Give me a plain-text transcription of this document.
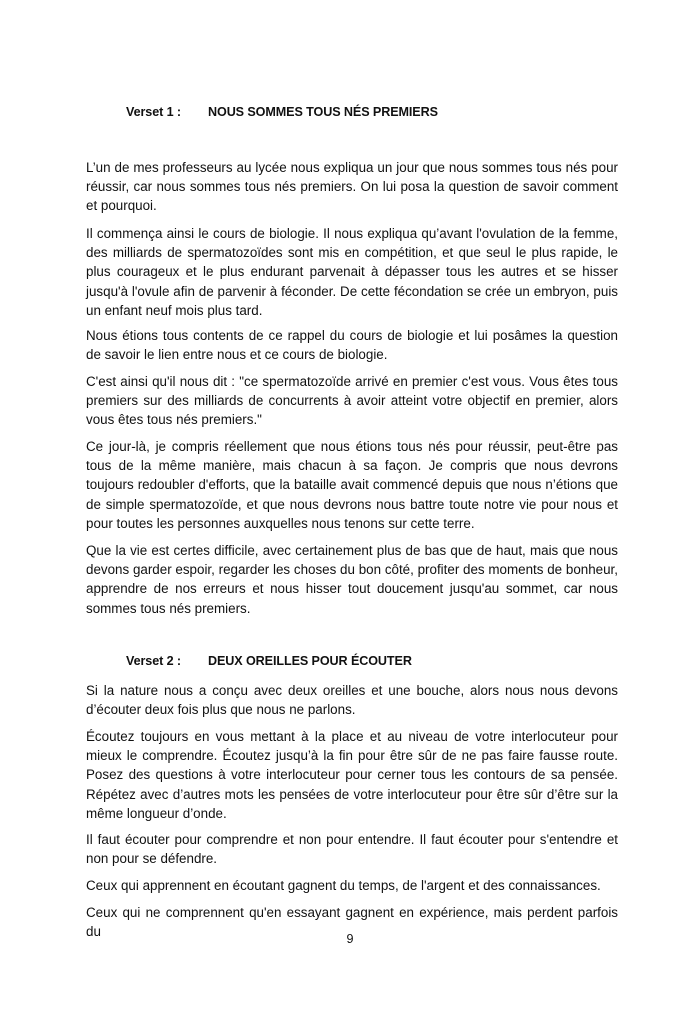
Verset 1 : NOUS SOMMES TOUS NÉS PREMIERS

L’un de mes professeurs au lycée nous expliqua un jour que nous sommes tous nés pour réussir, car nous sommes tous nés premiers. On lui posa la question de savoir comment et pourquoi.

Il commença ainsi le cours de biologie. Il nous expliqua qu’avant l'ovulation de la femme, des milliards de spermatozoïdes sont mis en compétition, et que seul le plus rapide, le plus courageux et le plus endurant parvenait à dépasser tous les autres et se hisser jusqu'à l'ovule afin de parvenir à féconder. De cette fécondation se crée un embryon, puis un enfant neuf mois plus tard.

Nous étions tous contents de ce rappel du cours de biologie et lui posâmes la question de savoir le lien entre nous et ce cours de biologie.

C'est ainsi qu'il nous dit : "ce spermatozoïde arrivé en premier c'est vous. Vous êtes tous premiers sur des milliards de concurrents à avoir atteint votre objectif en premier, alors vous êtes tous nés premiers."

Ce jour-là, je compris réellement que nous étions tous nés pour réussir, peut-être pas tous de la même manière, mais chacun à sa façon. Je compris que nous devrons toujours redoubler d'efforts, que la bataille avait commencé depuis que nous n’étions que de simple spermatozoïde, et que nous devrons nous battre toute notre vie pour nous et pour toutes les personnes auxquelles nous tenons sur cette terre.

Que la vie est certes difficile, avec certainement plus de bas que de haut, mais que nous devons garder espoir, regarder les choses du bon côté, profiter des moments de bonheur, apprendre de nos erreurs et nous hisser tout doucement jusqu'au sommet, car nous sommes tous nés premiers.

Verset 2 : DEUX OREILLES POUR ÉCOUTER

Si la nature nous a conçu avec deux oreilles et une bouche, alors nous nous devons d’écouter deux fois plus que nous ne parlons.

Écoutez toujours en vous mettant à la place et au niveau de votre interlocuteur pour mieux le comprendre. Écoutez jusqu’à la fin pour être sûr de ne pas faire fausse route. Posez des questions à votre interlocuteur pour cerner tous les contours de sa pensée. Répétez avec d’autres mots les pensées de votre interlocuteur pour être sûr d’être sur la même longueur d’onde.

Il faut écouter pour comprendre et non pour entendre. Il faut écouter pour s'entendre et non pour se défendre.

Ceux qui apprennent en écoutant gagnent du temps, de l'argent et des connaissances.

Ceux qui ne comprennent qu'en essayant gagnent en expérience, mais perdent parfois du	9
